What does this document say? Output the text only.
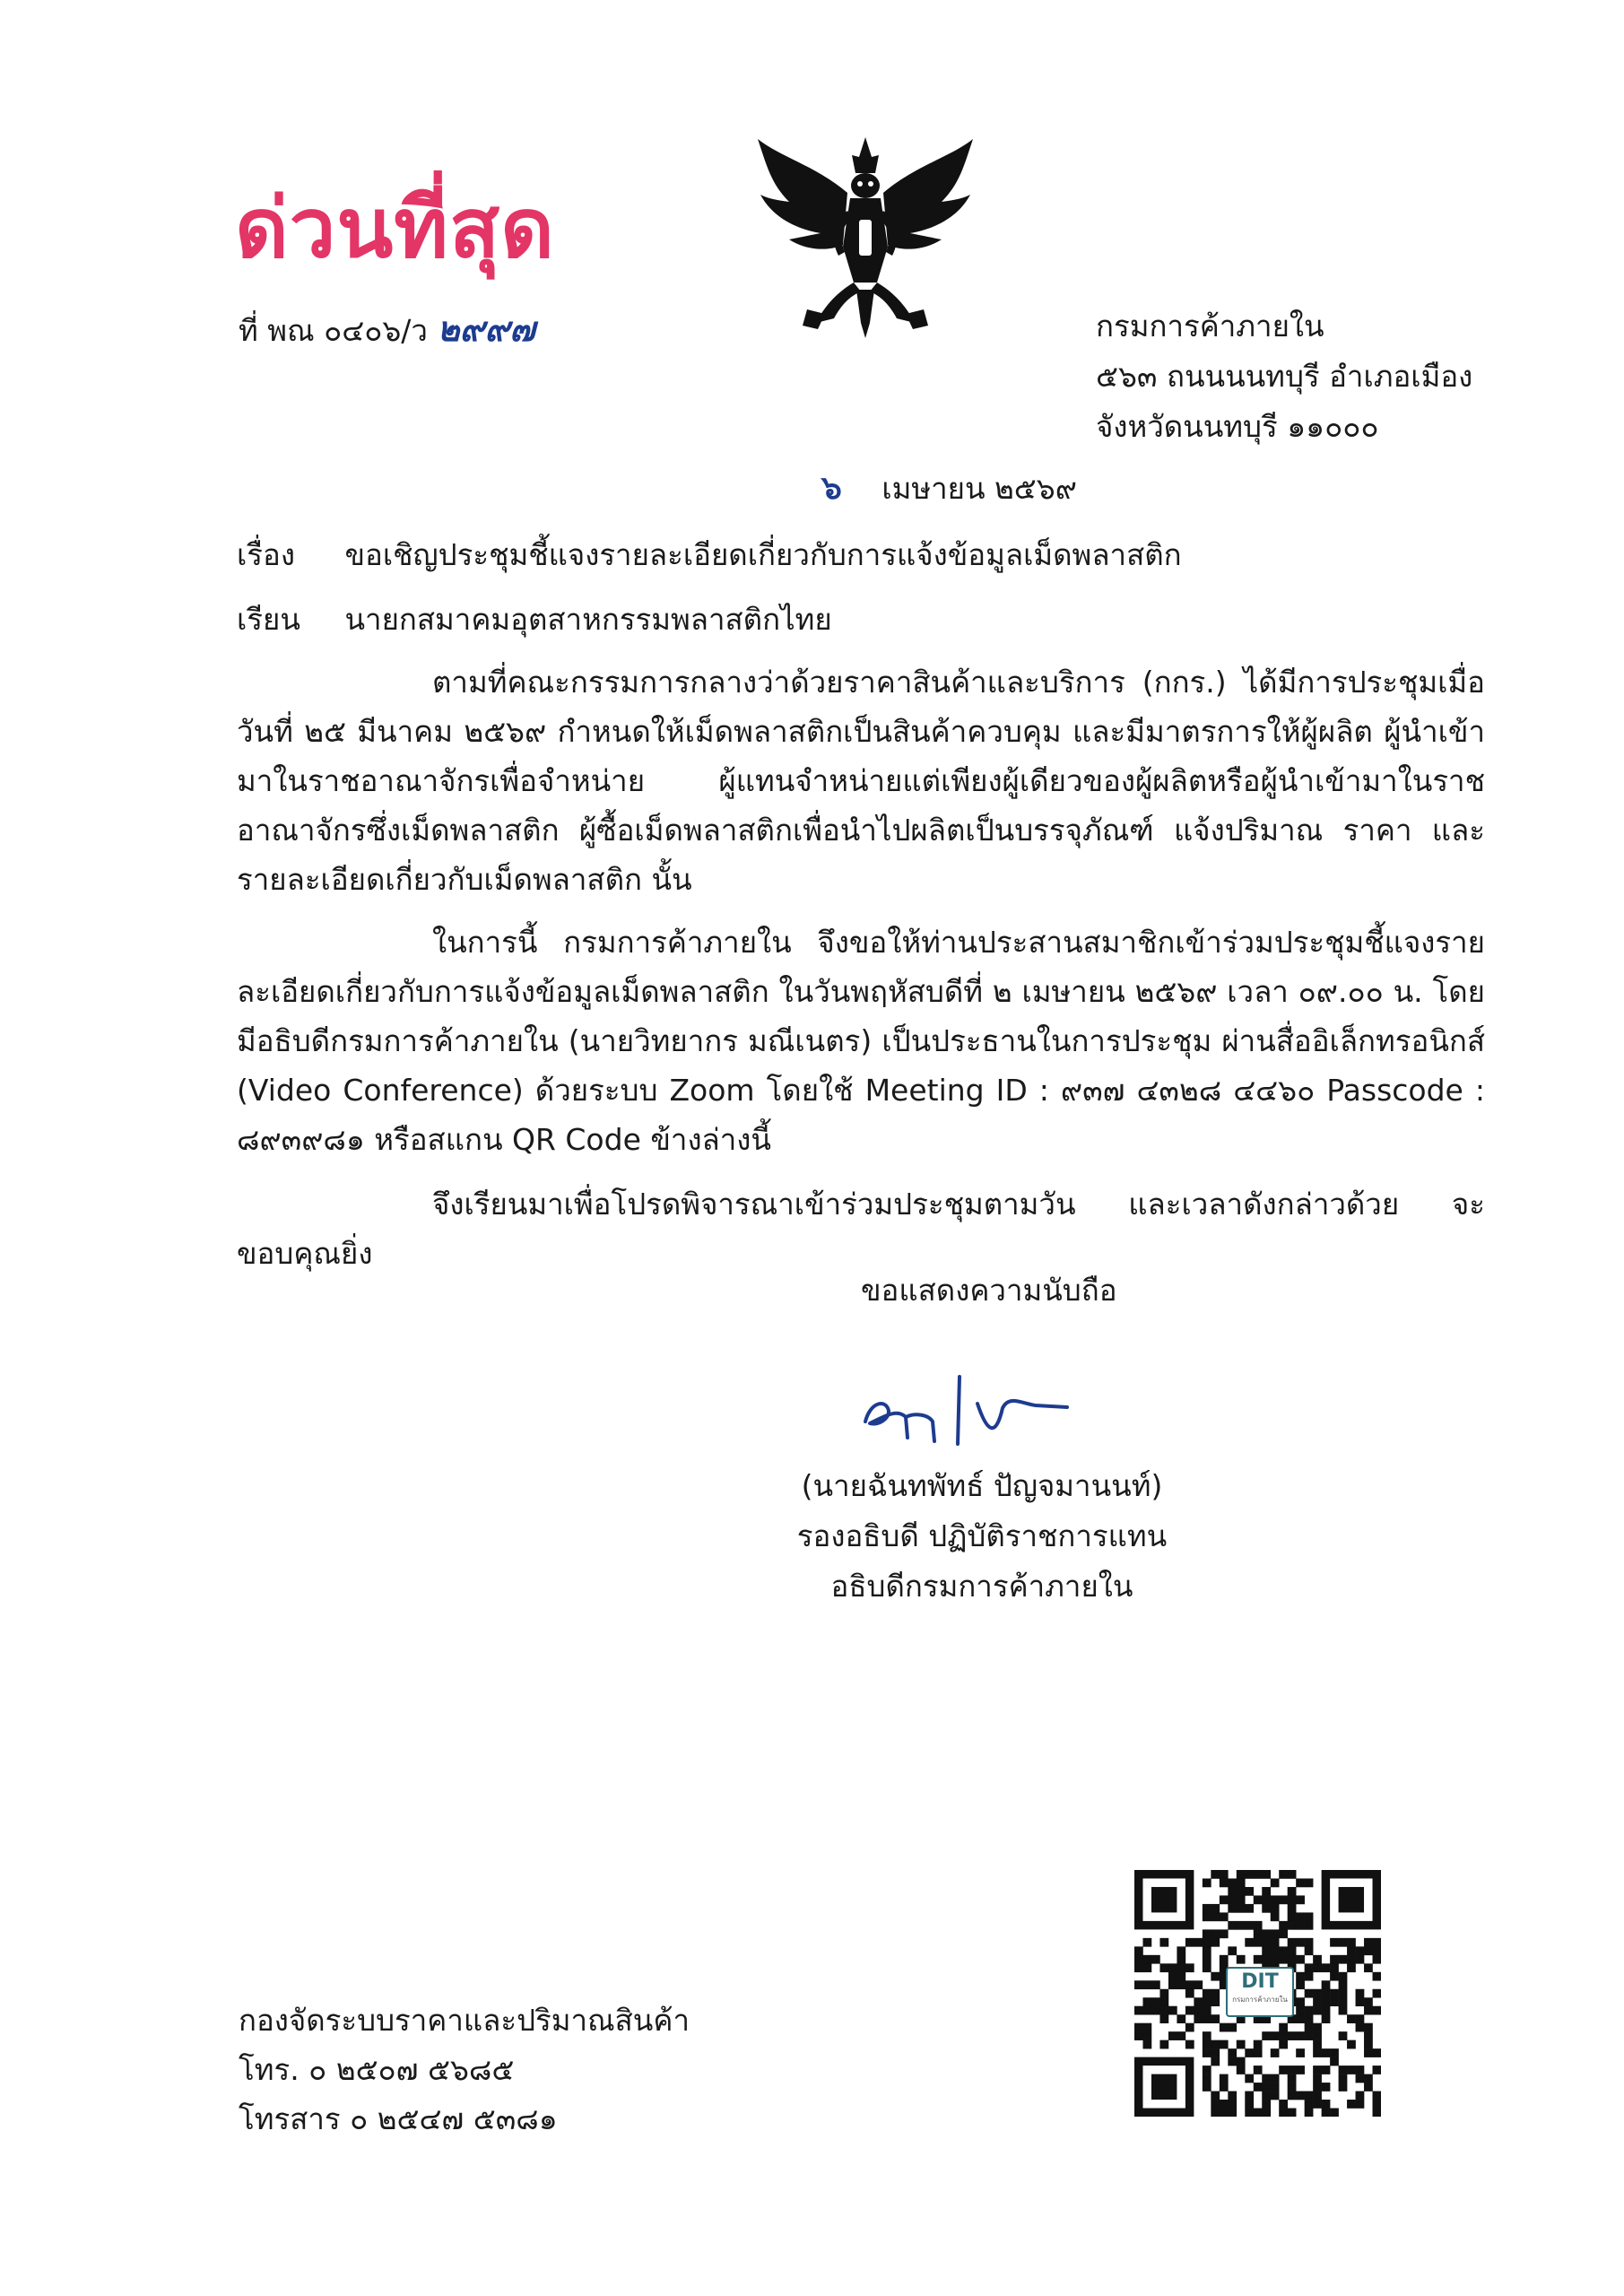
ด่วนที่สุด
ที่ พณ ๐๔๐๖/ว ๒๙๙๗	กรมการค้าภายใน
๕๖๓ ถนนนนทบุรี อำเภอเมือง
จังหวัดนนทบุรี ๑๑๐๐๐
๖ เมษายน ๒๕๖๙
เรื่อง ขอเชิญประชุมชี้แจงรายละเอียดเกี่ยวกับการแจ้งข้อมูลเม็ดพลาสติก
เรียน นายกสมาคมอุตสาหกรรมพลาสติกไทย

ตามที่คณะกรรมการกลางว่าด้วยราคาสินค้าและบริการ (กกร.) ได้มีการประชุมเมื่อวันที่ ๒๕ มีนาคม ๒๕๖๙ กำหนดให้เม็ดพลาสติกเป็นสินค้าควบคุม และมีมาตรการให้ผู้ผลิต ผู้นำเข้ามาในราชอาณาจักรเพื่อจำหน่าย ผู้แทนจำหน่ายแต่เพียงผู้เดียวของผู้ผลิตหรือผู้นำเข้ามาในราชอาณาจักรซึ่งเม็ดพลาสติก ผู้ซื้อเม็ดพลาสติกเพื่อนำไปผลิตเป็นบรรจุภัณฑ์ แจ้งปริมาณ ราคา และรายละเอียดเกี่ยวกับเม็ดพลาสติก นั้น

ในการนี้ กรมการค้าภายใน จึงขอให้ท่านประสานสมาชิกเข้าร่วมประชุมชี้แจงรายละเอียดเกี่ยวกับการแจ้งข้อมูลเม็ดพลาสติก ในวันพฤหัสบดีที่ ๒ เมษายน ๒๕๖๙ เวลา ๐๙.๐๐ น. โดยมีอธิบดีกรมการค้าภายใน (นายวิทยากร มณีเนตร) เป็นประธานในการประชุม ผ่านสื่ออิเล็กทรอนิกส์ (Video Conference) ด้วยระบบ Zoom โดยใช้ Meeting ID : ๙๓๗ ๔๓๒๘ ๔๔๖๐ Passcode : ๘๙๓๙๘๑ หรือสแกน QR Code ข้างล่างนี้

จึงเรียนมาเพื่อโปรดพิจารณาเข้าร่วมประชุมตามวัน และเวลาดังกล่าวด้วย จะขอบคุณยิ่ง

ขอแสดงความนับถือ
(นายฉันทพัทธ์ ปัญจมานนท์)
รองอธิบดี ปฏิบัติราชการแทน
อธิบดีกรมการค้าภายใน
กองจัดระบบราคาและปริมาณสินค้า
โทร. ๐ ๒๕๐๗ ๕๖๘๕
โทรสาร ๐ ๒๕๔๗ ๕๓๘๑
DIT
กรมการค้าภายใน
